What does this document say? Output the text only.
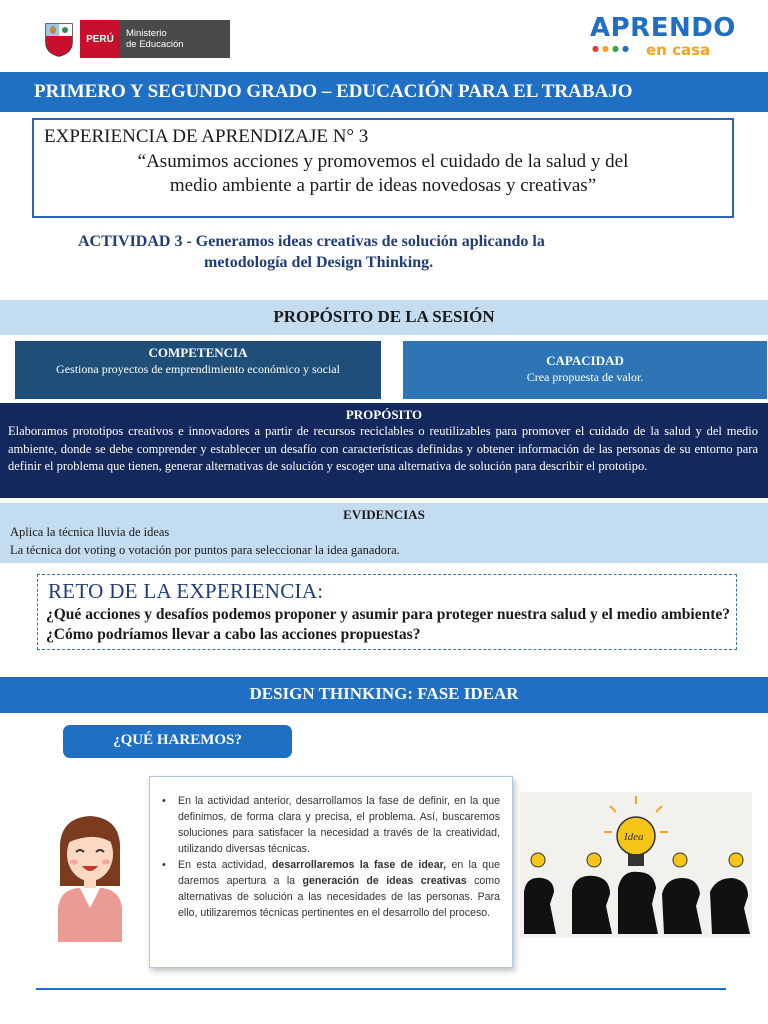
PERÚ	Ministerio
de Educación
APRENDO
●●●● en casa
PRIMERO Y SEGUNDO GRADO – EDUCACIÓN PARA EL TRABAJO
EXPERIENCIA DE APRENDIZAJE N° 3
“Asumimos acciones y promovemos el cuidado de la salud y del
medio ambiente a partir de ideas novedosas y creativas”
ACTIVIDAD 3 - Generamos ideas creativas de solución aplicando la
metodología del Design Thinking.
PROPÓSITO DE LA SESIÓN
COMPETENCIA
Gestiona proyectos de emprendimiento económico y social
CAPACIDAD
Crea propuesta de valor.
PROPÓSITO
Elaboramos prototipos creativos e innovadores a partir de recursos reciclables o reutilizables para promover el cuidado de la salud y del medio ambiente, donde se debe comprender y establecer un desafío con características definidas y obtener información de las personas de su entorno para definir el problema que tienen, generar alternativas de solución y escoger una alternativa de solución para describir el prototipo.
EVIDENCIAS
Aplica la técnica lluvia de ideas
La técnica dot voting o votación por puntos para seleccionar la idea ganadora.
RETO DE LA EXPERIENCIA:
¿Qué acciones y desafíos podemos proponer y asumir para proteger nuestra salud y el medio ambiente? ¿Cómo podríamos llevar a cabo las acciones propuestas?
DESIGN THINKING: FASE IDEAR
¿QUÉ HAREMOS?
• En la actividad anterior, desarrollamos la fase de definir, en la que definimos, de forma clara y precisa, el problema. Así, buscaremos soluciones para satisfacer la necesidad a través de la creatividad, utilizando diversas técnicas.
• En esta actividad, desarrollaremos la fase de idear, en la que daremos apertura a la generación de ideas creativas como alternativas de solución a las necesidades de las personas. Para ello, utilizaremos técnicas pertinentes en el desarrollo del proceso.
Idea
